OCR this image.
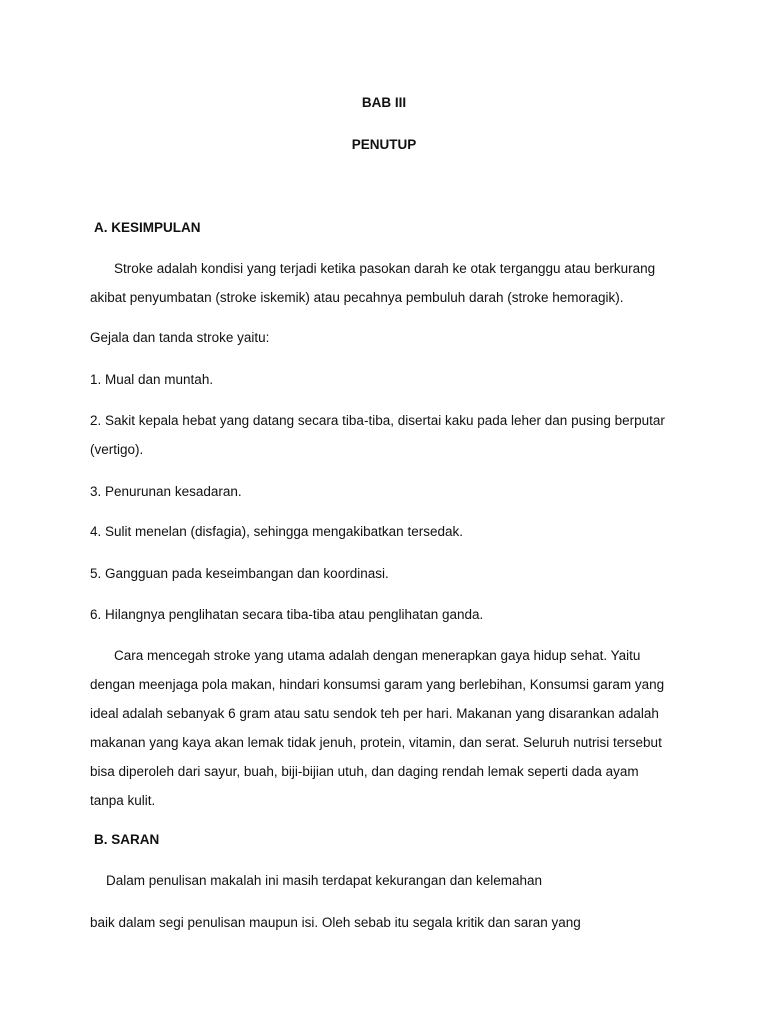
BAB III
PENUTUP
A. KESIMPULAN
Stroke adalah kondisi yang terjadi ketika pasokan darah ke otak terganggu atau berkurang
akibat penyumbatan (stroke iskemik) atau pecahnya pembuluh darah (stroke hemoragik).
Gejala dan tanda stroke yaitu:
1. Mual dan muntah.
2. Sakit kepala hebat yang datang secara tiba-tiba, disertai kaku pada leher dan pusing berputar
(vertigo).
3. Penurunan kesadaran.
4. Sulit menelan (disfagia), sehingga mengakibatkan tersedak.
5. Gangguan pada keseimbangan dan koordinasi.
6. Hilangnya penglihatan secara tiba-tiba atau penglihatan ganda.
Cara mencegah stroke yang utama adalah dengan menerapkan gaya hidup sehat. Yaitu
dengan meenjaga pola makan, hindari konsumsi garam yang berlebihan, Konsumsi garam yang
ideal adalah sebanyak 6 gram atau satu sendok teh per hari. Makanan yang disarankan adalah
makanan yang kaya akan lemak tidak jenuh, protein, vitamin, dan serat. Seluruh nutrisi tersebut
bisa diperoleh dari sayur, buah, biji-bijian utuh, dan daging rendah lemak seperti dada ayam
tanpa kulit.
B. SARAN
Dalam penulisan makalah ini masih terdapat kekurangan dan kelemahan
baik dalam segi penulisan maupun isi. Oleh sebab itu segala kritik dan saran yang
